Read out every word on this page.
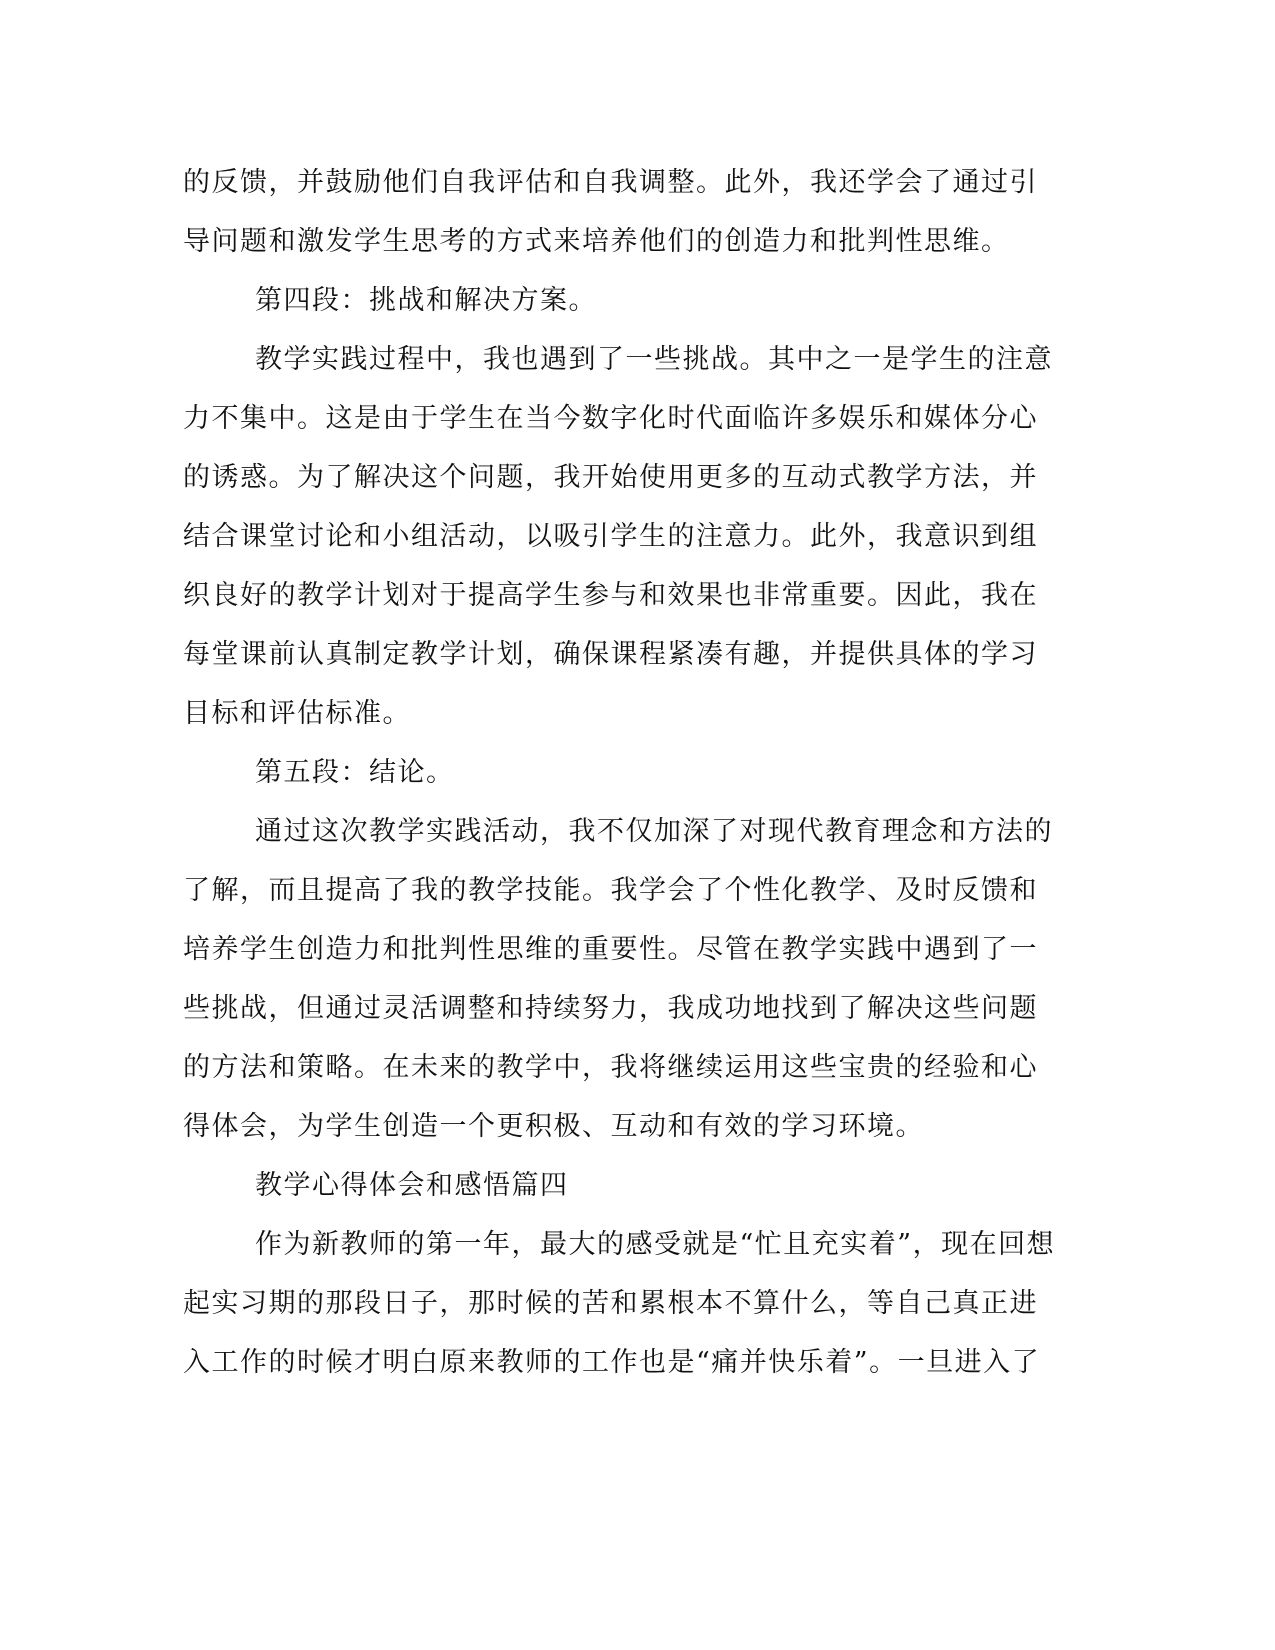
的反馈，并鼓励他们自我评估和自我调整。此外，我还学会了通过引
导问题和激发学生思考的方式来培养他们的创造力和批判性思维。
第四段：挑战和解决方案。
教学实践过程中，我也遇到了一些挑战。其中之一是学生的注意
力不集中。这是由于学生在当今数字化时代面临许多娱乐和媒体分心
的诱惑。为了解决这个问题，我开始使用更多的互动式教学方法，并
结合课堂讨论和小组活动，以吸引学生的注意力。此外，我意识到组
织良好的教学计划对于提高学生参与和效果也非常重要。因此，我在
每堂课前认真制定教学计划，确保课程紧凑有趣，并提供具体的学习
目标和评估标准。
第五段：结论。
通过这次教学实践活动，我不仅加深了对现代教育理念和方法的
了解，而且提高了我的教学技能。我学会了个性化教学、及时反馈和
培养学生创造力和批判性思维的重要性。尽管在教学实践中遇到了一
些挑战，但通过灵活调整和持续努力，我成功地找到了解决这些问题
的方法和策略。在未来的教学中，我将继续运用这些宝贵的经验和心
得体会，为学生创造一个更积极、互动和有效的学习环境。
教学心得体会和感悟篇四
作为新教师的第一年，最大的感受就是“忙且充实着”，现在回想
起实习期的那段日子，那时候的苦和累根本不算什么，等自己真正进
入工作的时候才明白原来教师的工作也是“痛并快乐着”。一旦进入了
